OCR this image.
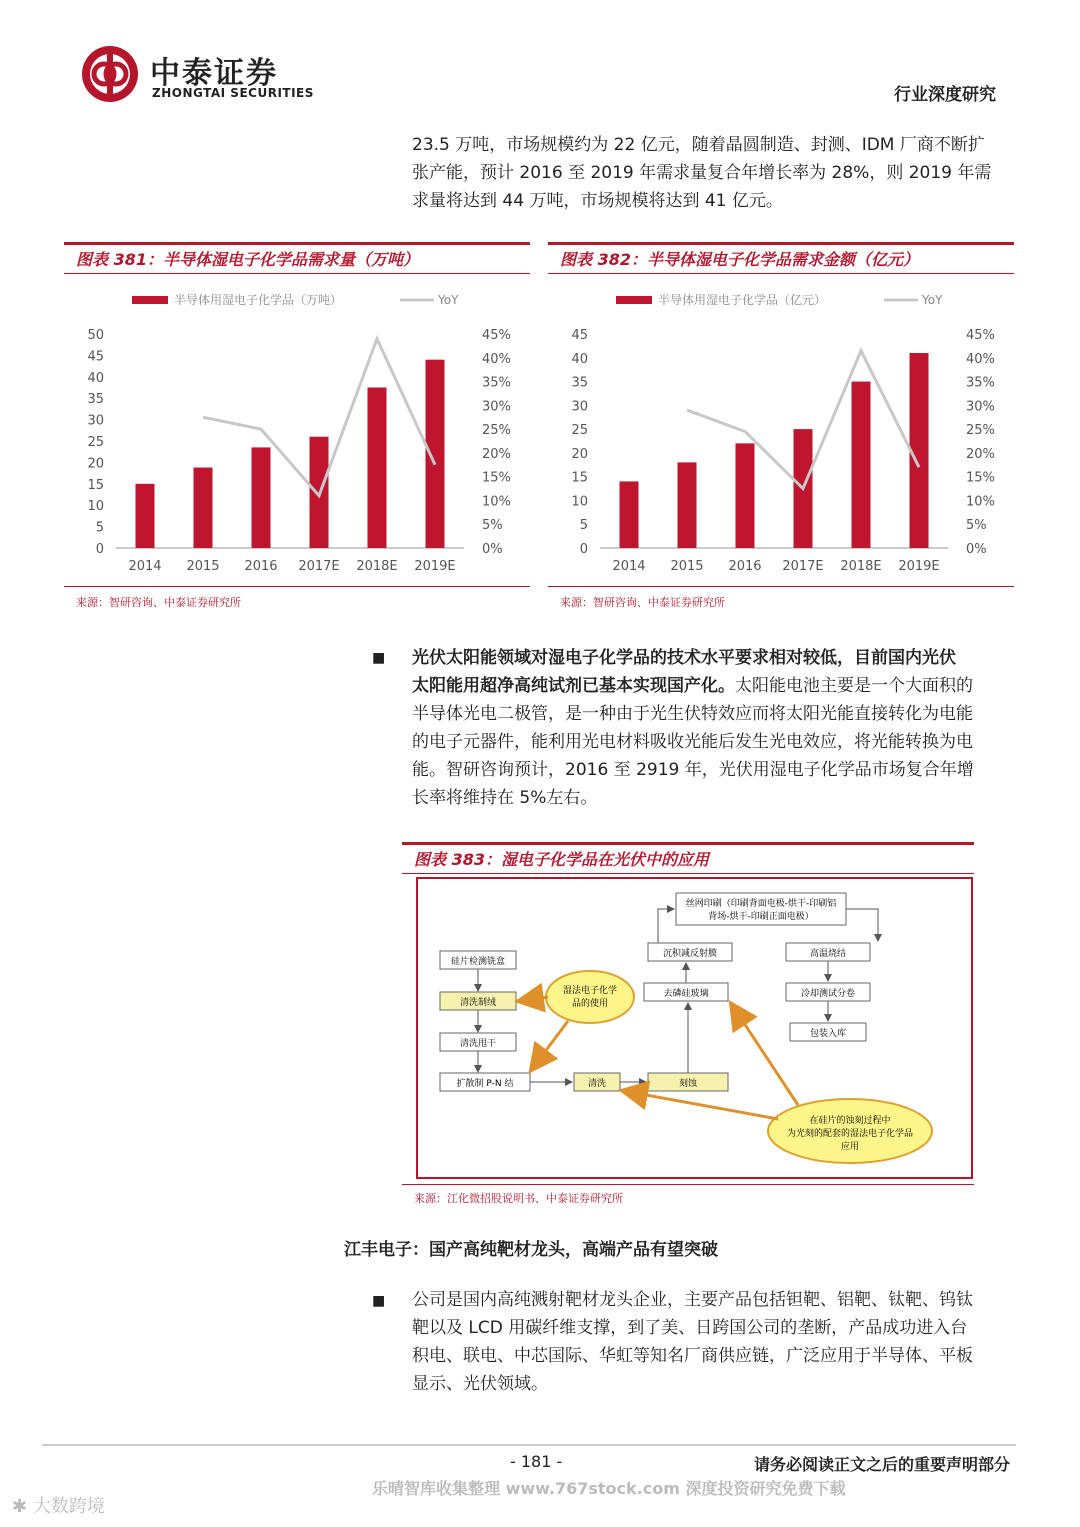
中泰证券
ZHONGTAI SECURITIES	行业深度研究
23.5 万吨，市场规模约为 22 亿元，随着晶圆制造、封测、IDM 厂商不断扩
张产能，预计 2016 至 2019 年需求量复合年增长率为 28%，则 2019 年需
求量将达到 44 万吨，市场规模将达到 41 亿元。
图表 381：半导体湿电子化学品需求量（万吨）
半导体用湿电子化学品（万吨）	YoY
0
5
10
15
20
25
30
35
40
45
50
0%
5%
10%
15%
20%
25%
30%
35%
40%
45%
2014 2015 2016 2017E 2018E 2019E
来源：智研咨询、中泰证券研究所
图表 382：半导体湿电子化学品需求金额（亿元）
半导体用湿电子化学品（亿元）	YoY
0
5
10
15
20
25
30
35
40
45
0%
5%
10%
15%
20%
25%
30%
35%
40%
45%
2014 2015 2016 2017E 2018E 2019E
来源：智研咨询、中泰证券研究所
■ 光伏太阳能领域对湿电子化学品的技术水平要求相对较低，目前国内光伏
太阳能用超净高纯试剂已基本实现国产化。太阳能电池主要是一个大面积的
半导体光电二极管，是一种由于光生伏特效应而将太阳光能直接转化为电能
的电子元器件，能利用光电材料吸收光能后发生光电效应，将光能转换为电
能。智研咨询预计，2016 至 2919 年，光伏用湿电子化学品市场复合年增
长率将维持在 5%左右。
图表 383：湿电子化学品在光伏中的应用
硅片检测铣盒
清洗制绒
清洗甩干
扩散制 P-N 结	清洗	刻蚀
去磷硅玻璃
沉积减反射膜
丝网印刷（印刷背面电极-烘干-印刷铝
背场-烘干-印刷正面电极）
高温烧结
冷却测试分卷
包装入库
湿法电子化学
品的使用
在硅片的蚀刻过程中
为光刻的配套的湿法电子化学品
应用
来源：江化微招股说明书、中泰证券研究所
江丰电子：国产高纯靶材龙头，高端产品有望突破
■ 公司是国内高纯溅射靶材龙头企业，主要产品包括钽靶、铝靶、钛靶、钨钛
靶以及 LCD 用碳纤维支撑，到了美、日跨国公司的垄断，产品成功进入台
积电、联电、中芯国际、华虹等知名厂商供应链，广泛应用于半导体、平板
显示、光伏领域。
- 181 -	请务必阅读正文之后的重要声明部分
乐晴智库收集整理 www.767stock.com 深度投资研究免费下载
✱ 大数跨境
